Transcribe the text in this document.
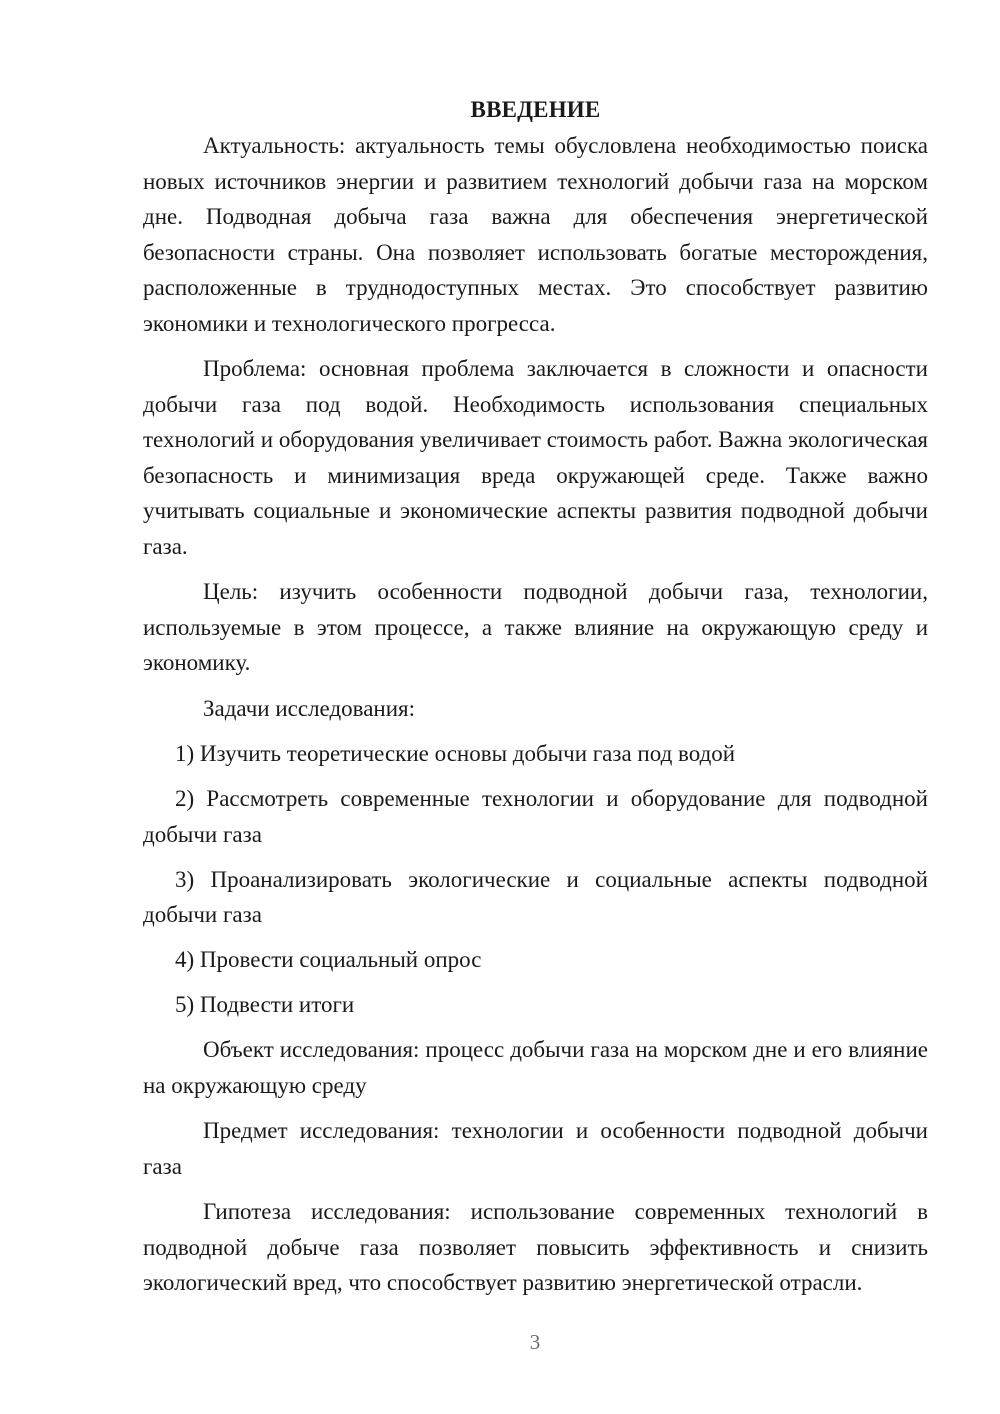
ВВЕДЕНИЕ

Актуальность: актуальность темы обусловлена необходимостью поиска новых источников энергии и развитием технологий добычи газа на морском дне. Подводная добыча газа важна для обеспечения энергетической безопасности страны. Она позволяет использовать богатые месторождения, расположенные в труднодоступных местах. Это способствует развитию экономики и технологического прогресса.

Проблема: основная проблема заключается в сложности и опасности добычи газа под водой. Необходимость использования специальных технологий и оборудования увеличивает стоимость работ. Важна экологическая безопасность и минимизация вреда окружающей среде. Также важно учитывать социальные и экономические аспекты развития подводной добычи газа.

Цель: изучить особенности подводной добычи газа, технологии, используемые в этом процессе, а также влияние на окружающую среду и экономику.

Задачи исследования:

1) Изучить теоретические основы добычи газа под водой

2) Рассмотреть современные технологии и оборудование для подводной добычи газа

3) Проанализировать экологические и социальные аспекты подводной добычи газа

4) Провести социальный опрос

5) Подвести итоги

Объект исследования: процесс добычи газа на морском дне и его влияние на окружающую среду

Предмет исследования: технологии и особенности подводной добычи газа

Гипотеза исследования: использование современных технологий в подводной добыче газа позволяет повысить эффективность и снизить экологический вред, что способствует развитию энергетической отрасли.

3
